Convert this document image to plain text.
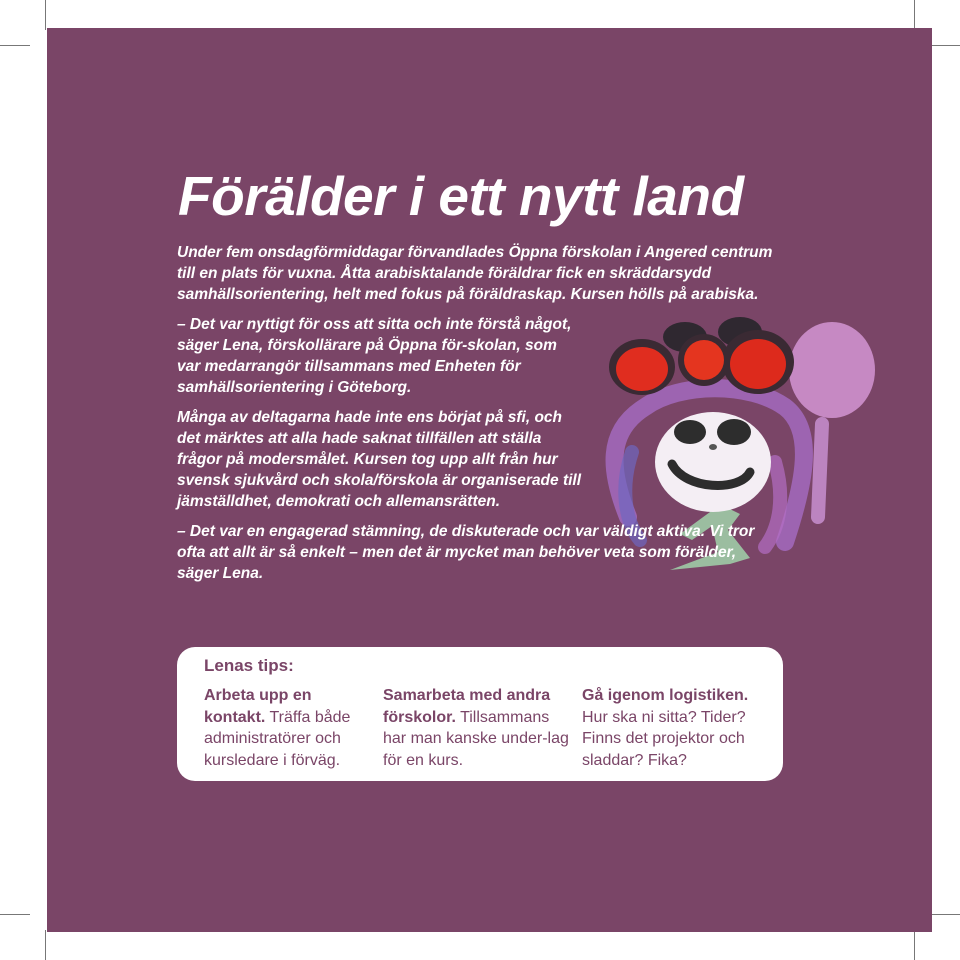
Förälder i ett nytt land

Under fem onsdagförmiddagar förvandlades Öppna förskolan i Angered centrum till en plats för vuxna. Åtta arabisktalande föräldrar fick en skräddarsydd samhällsorientering, helt med fokus på föräldraskap. Kursen hölls på arabiska.

– Det var nyttigt för oss att sitta och inte förstå något, säger Lena, förskollärare på Öppna för-skolan, som var medarrangör tillsammans med Enheten för samhällsorientering i Göteborg.

Många av deltagarna hade inte ens börjat på sfi, och det märktes att alla hade saknat tillfällen att ställa frågor på modersmålet. Kursen tog upp allt från hur svensk sjukvård och skola/förskola är organiserade till jämställdhet, demokrati och allemansrätten.

– Det var en engagerad stämning, de diskuterade och var väldigt aktiva. Vi tror ofta att allt är så enkelt – men det är mycket man behöver veta som förälder, säger Lena.

Lenas tips:
Arbeta upp en kontakt. Träffa både administratörer och kursledare i förväg.
Samarbeta med andra förskolor. Tillsammans har man kanske under-lag för en kurs.
Gå igenom logistiken. Hur ska ni sitta? Tider? Finns det projektor och sladdar? Fika?
